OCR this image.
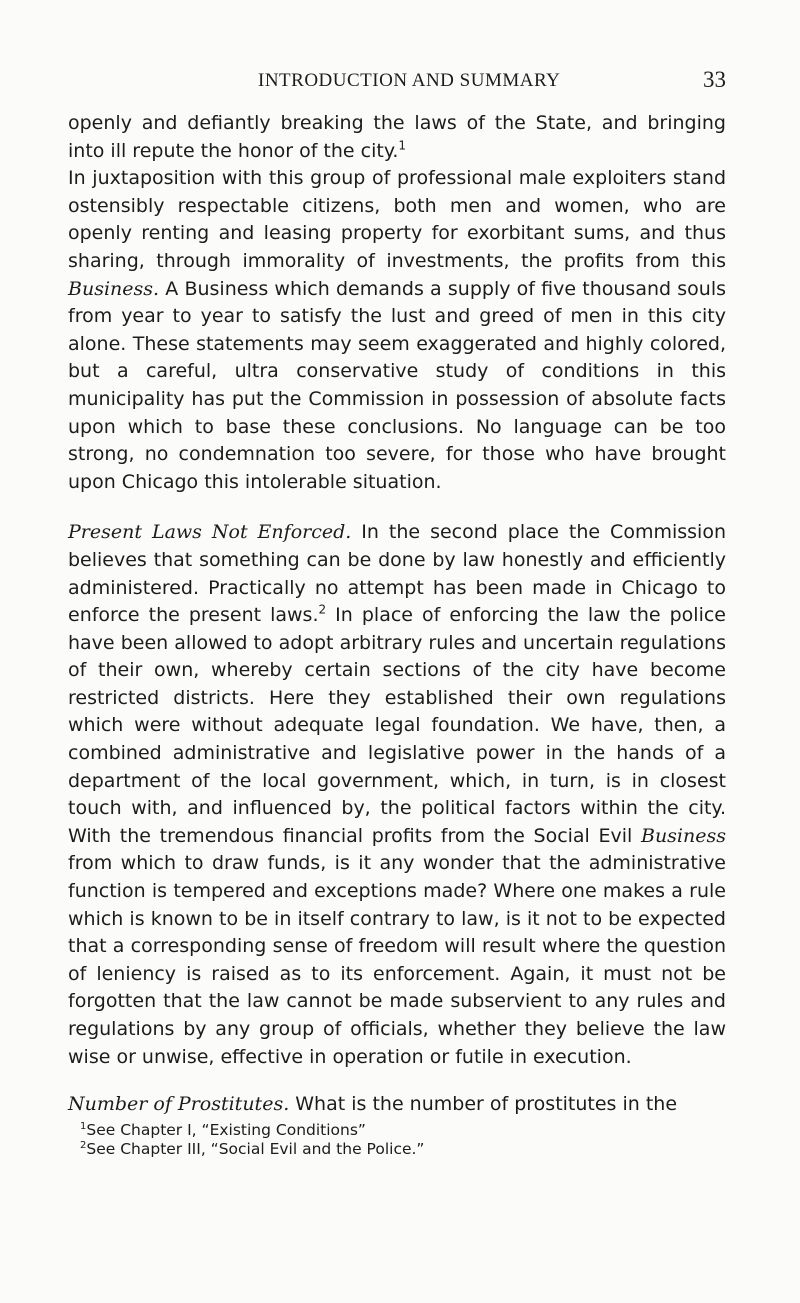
INTRODUCTION AND SUMMARY	33

openly and defiantly breaking the laws of the State, and bringing into ill repute the honor of the city.$^1$

In juxtaposition with this group of professional male exploiters stand ostensibly respectable citizens, both men and women, who are openly renting and leasing property for exorbitant sums, and thus sharing, through immorality of investments, the profits from this Business. A Business which demands a supply of five thousand souls from year to year to satisfy the lust and greed of men in this city alone. These statements may seem exaggerated and highly colored, but a careful, ultra conservative study of conditions in this municipality has put the Commission in possession of absolute facts upon which to base these conclusions. No language can be too strong, no condemnation too severe, for those who have brought upon Chicago this intolerable situation.

Present Laws Not Enforced. In the second place the Commission believes that something can be done by law honestly and efficiently administered. Practically no attempt has been made in Chicago to enforce the present laws.$^2$ In place of enforcing the law the police have been allowed to adopt arbitrary rules and uncertain regulations of their own, whereby certain sections of the city have become restricted districts. Here they established their own regulations which were without adequate legal foundation. We have, then, a combined administrative and legislative power in the hands of a department of the local government, which, in turn, is in closest touch with, and influenced by, the political factors within the city. With the tremendous financial profits from the Social Evil Business from which to draw funds, is it any wonder that the administrative function is tempered and exceptions made? Where one makes a rule which is known to be in itself contrary to law, is it not to be expected that a corresponding sense of freedom will result where the question of leniency is raised as to its enforcement. Again, it must not be forgotten that the law cannot be made subservient to any rules and regulations by any group of officials, whether they believe the law wise or unwise, effective in operation or futile in execution.

Number of Prostitutes. What is the number of prostitutes in the

$^1$See Chapter I, “Existing Conditions”
$^2$See Chapter III, “Social Evil and the Police.”
